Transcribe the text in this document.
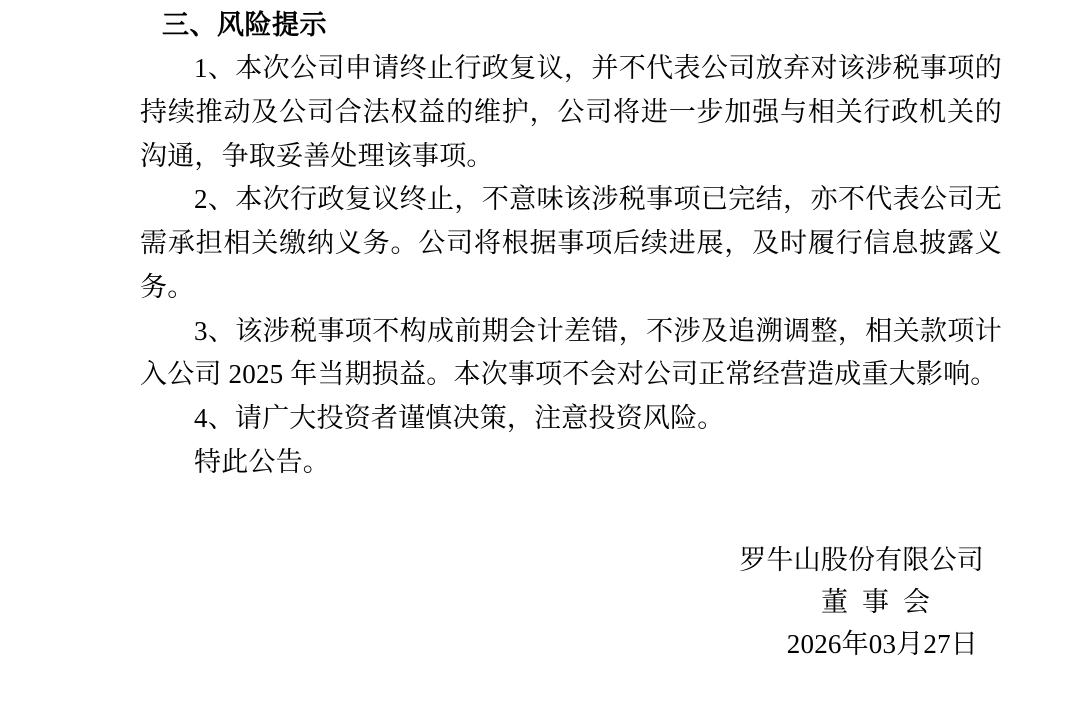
三、风险提示

1、本次公司申请终止行政复议，并不代表公司放弃对该涉税事项的持续推动及公司合法权益的维护，公司将进一步加强与相关行政机关的沟通，争取妥善处理该事项。

2、本次行政复议终止，不意味该涉税事项已完结，亦不代表公司无需承担相关缴纳义务。公司将根据事项后续进展，及时履行信息披露义务。

3、该涉税事项不构成前期会计差错，不涉及追溯调整，相关款项计入公司 2025 年当期损益。本次事项不会对公司正常经营造成重大影响。

4、请广大投资者谨慎决策，注意投资风险。

特此公告。

罗牛山股份有限公司
董事会
2026年03月27日
